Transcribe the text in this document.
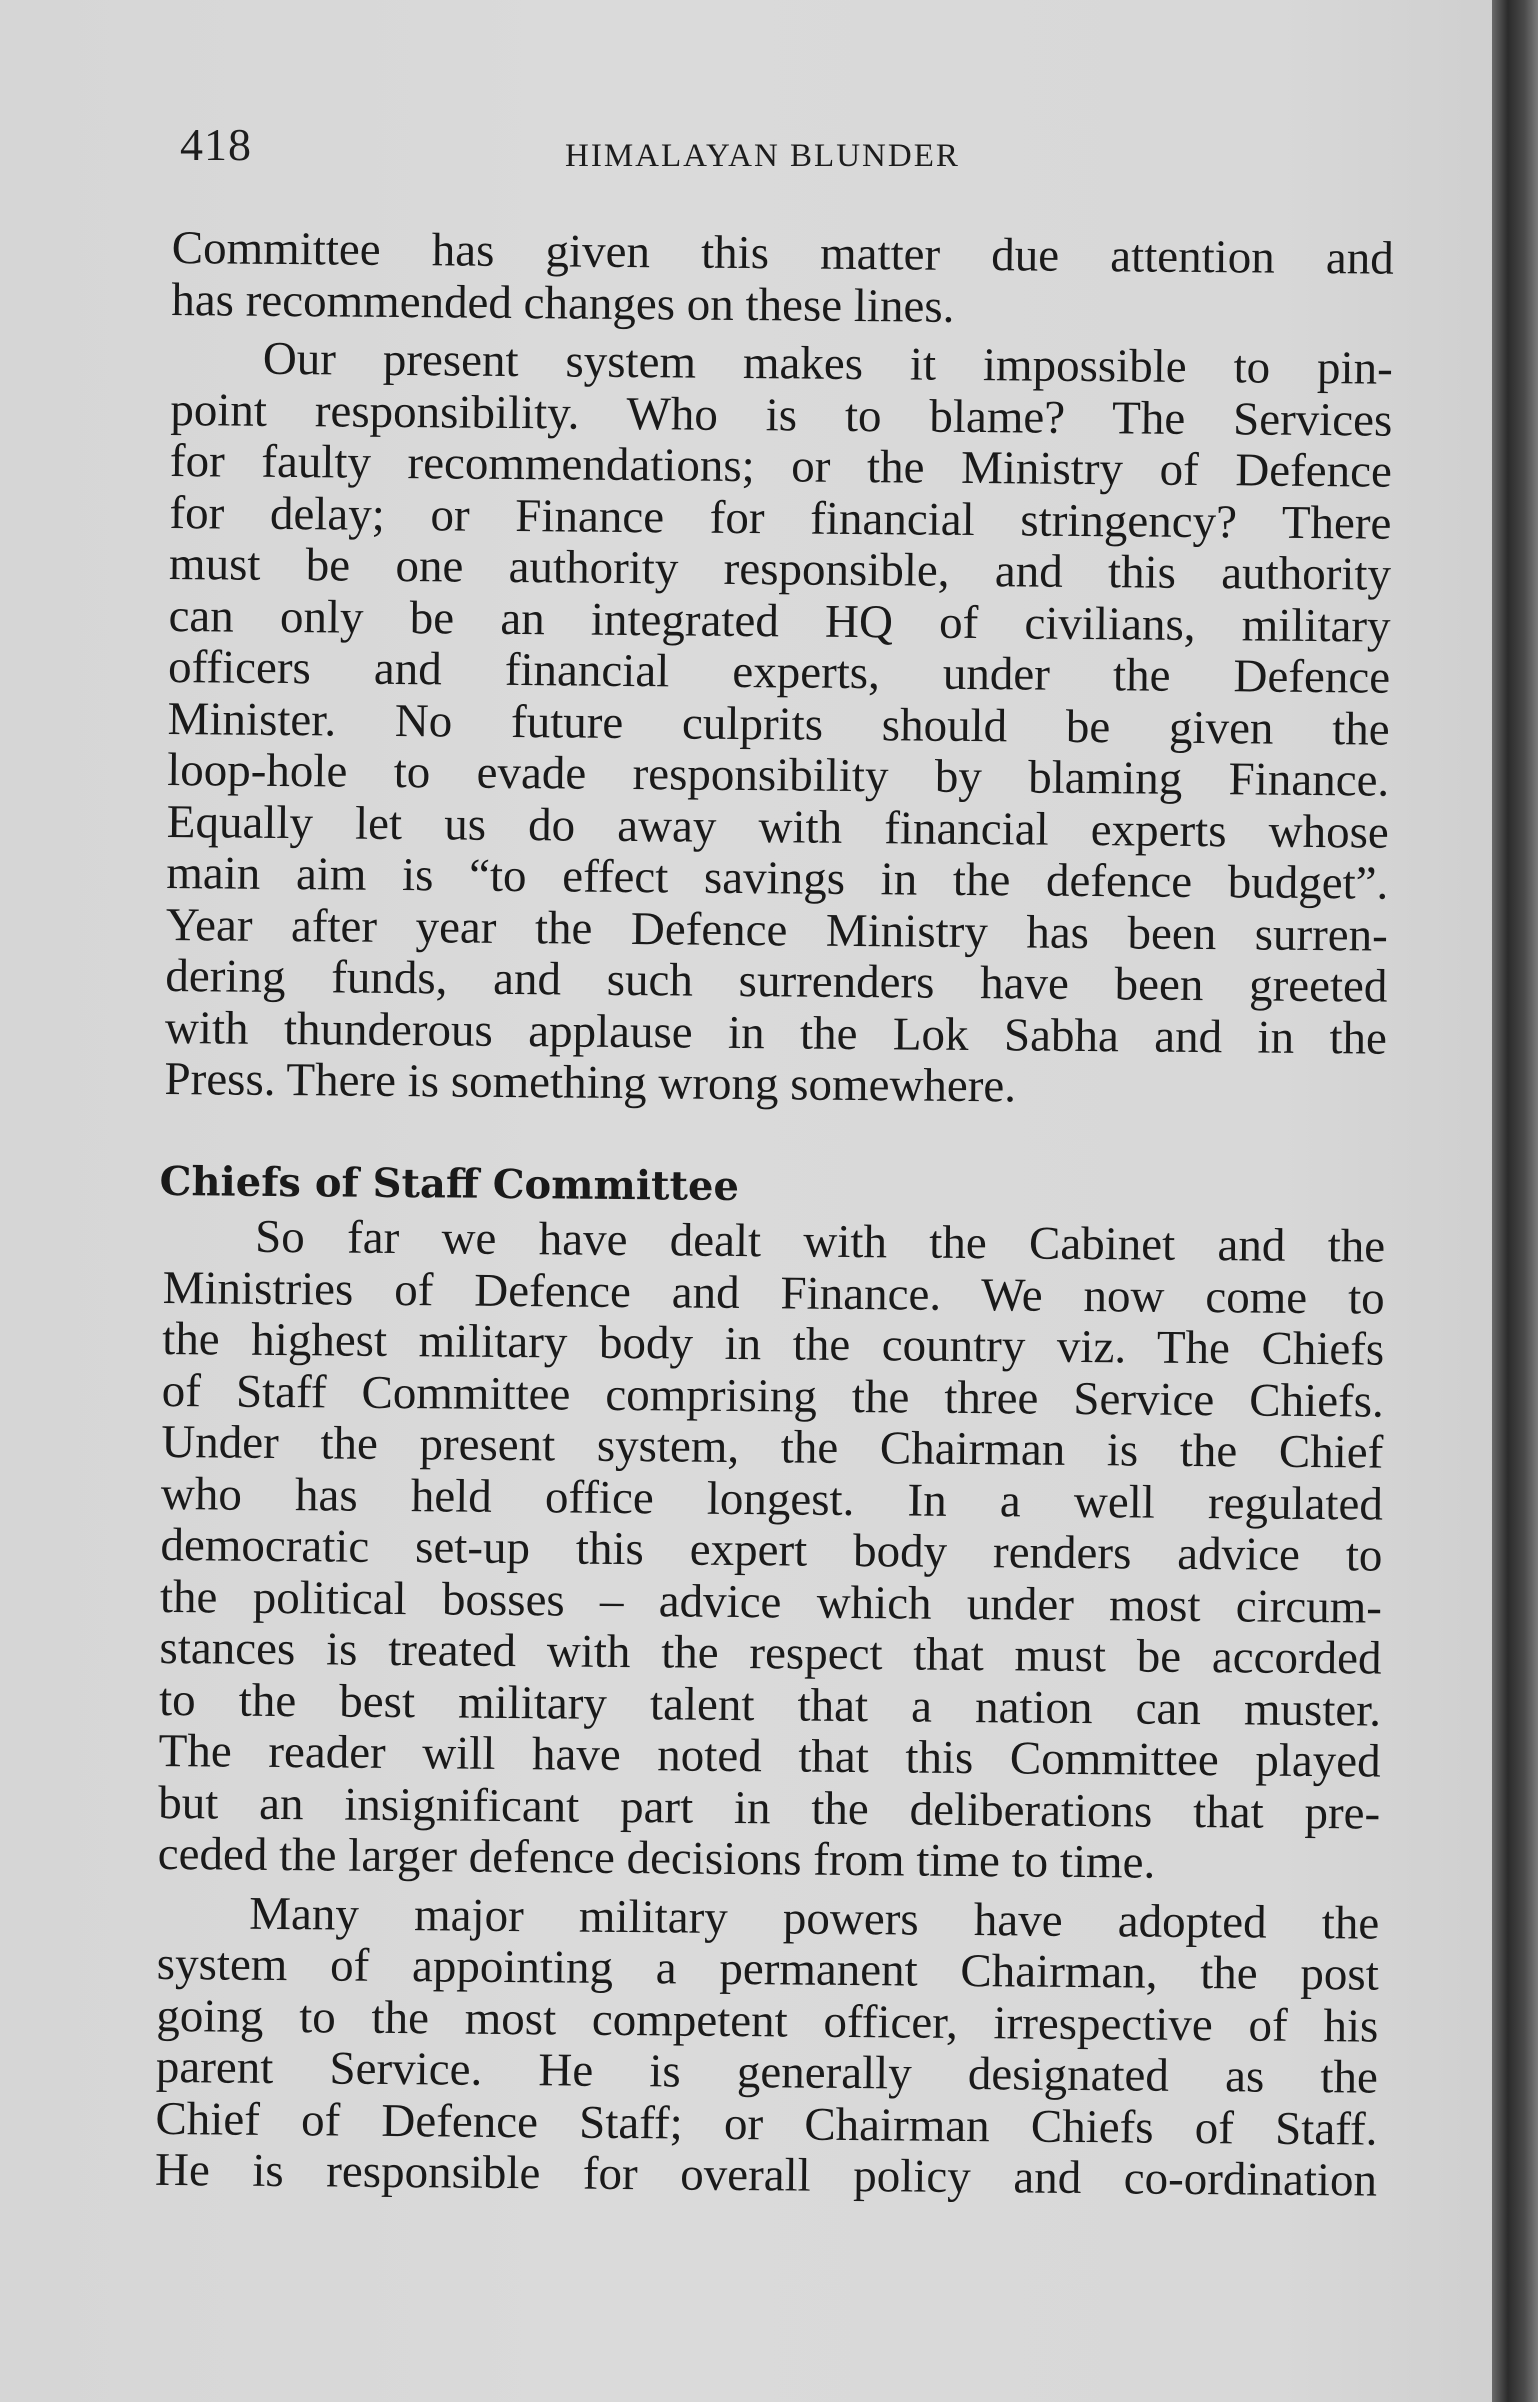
418	HIMALAYAN BLUNDER

Committee has given this matter due attention and
has recommended changes on these lines.

Our present system makes it impossible to pin-
point responsibility. Who is to blame? The Services
for faulty recommendations; or the Ministry of Defence
for delay; or Finance for financial stringency? There
must be one authority responsible, and this authority
can only be an integrated HQ of civilians, military
officers and financial experts, under the Defence
Minister. No future culprits should be given the
loop-hole to evade responsibility by blaming Finance.
Equally let us do away with financial experts whose
main aim is “to effect savings in the defence budget”.
Year after year the Defence Ministry has been surren-
dering funds, and such surrenders have been greeted
with thunderous applause in the Lok Sabha and in the
Press. There is something wrong somewhere.

Chiefs of Staff Committee

So far we have dealt with the Cabinet and the
Ministries of Defence and Finance. We now come to
the highest military body in the country viz. The Chiefs
of Staff Committee comprising the three Service Chiefs.
Under the present system, the Chairman is the Chief
who has held office longest. In a well regulated
democratic set-up this expert body renders advice to
the political bosses – advice which under most circum-
stances is treated with the respect that must be accorded
to the best military talent that a nation can muster.
The reader will have noted that this Committee played
but an insignificant part in the deliberations that pre-
ceded the larger defence decisions from time to time.

Many major military powers have adopted the
system of appointing a permanent Chairman, the post
going to the most competent officer, irrespective of his
parent Service. He is generally designated as the
Chief of Defence Staff; or Chairman Chiefs of Staff.
He is responsible for overall policy and co-ordination
